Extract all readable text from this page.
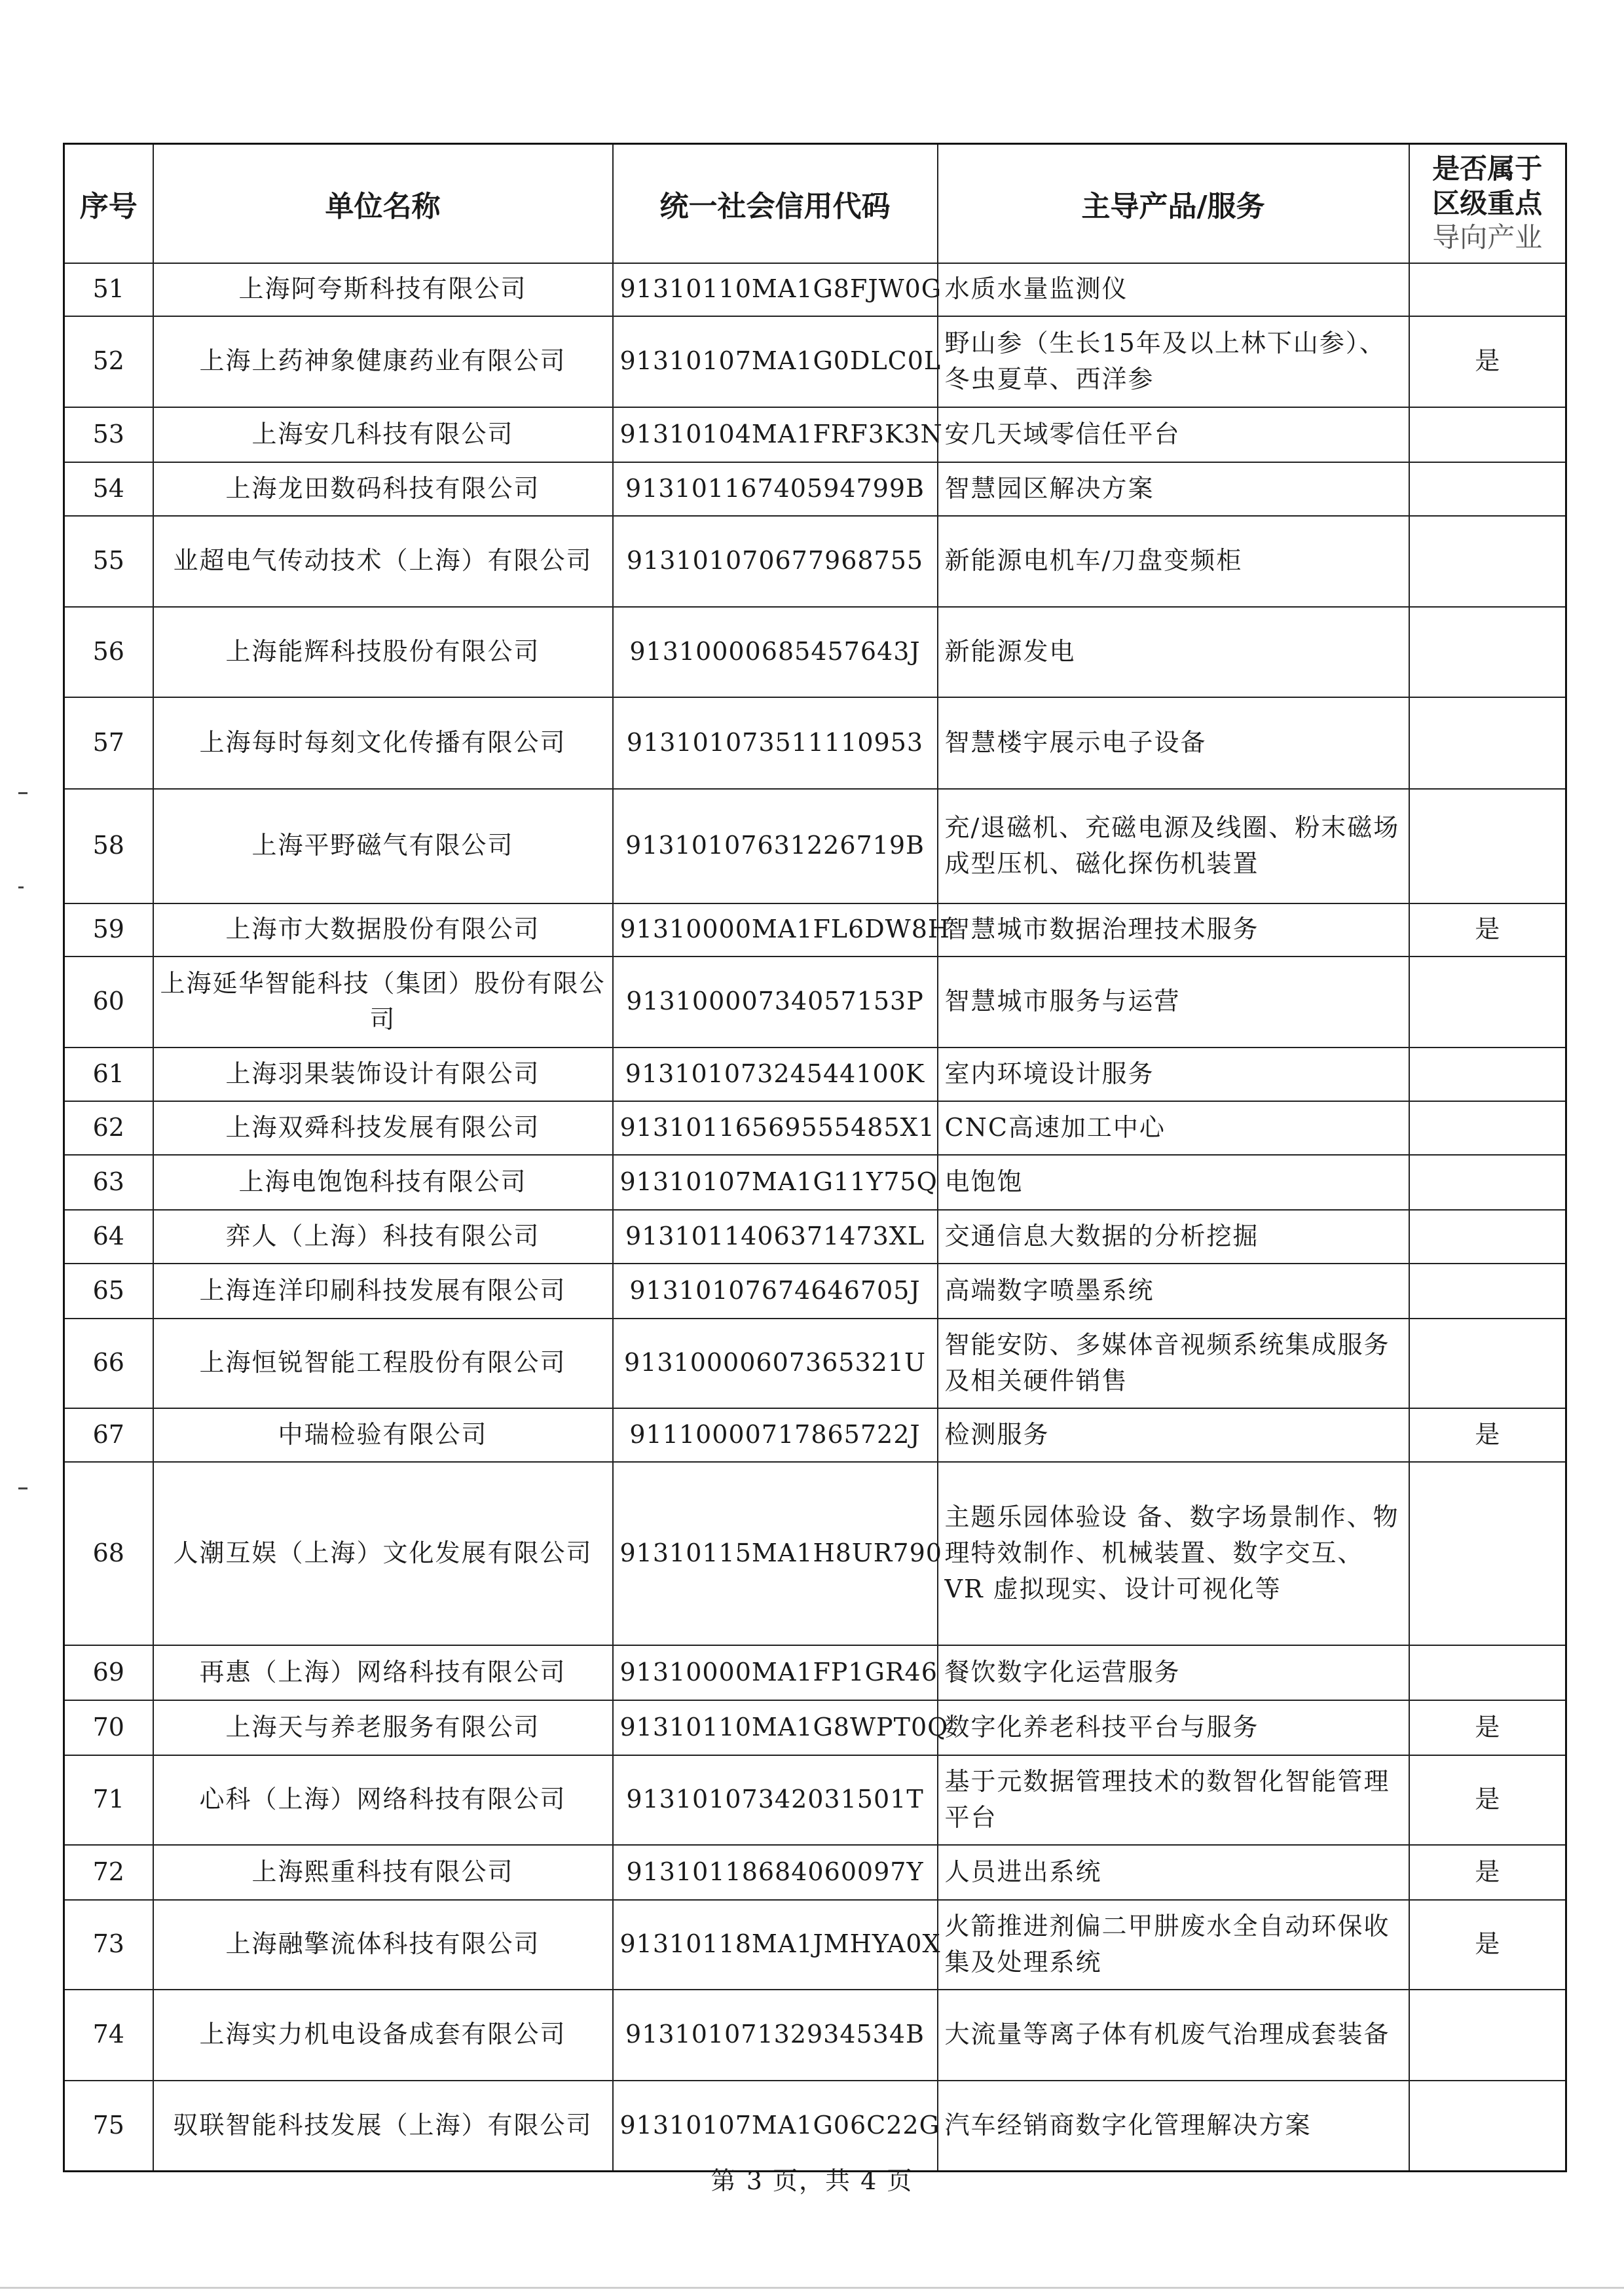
序号	单位名称	统一社会信用代码	主导产品/服务	是否属于
区级重点
导向产业

51	上海阿夸斯科技有限公司	91310110MA1G8FJW0G	水质水量监测仪	
52	上海上药神象健康药业有限公司	91310107MA1G0DLC0L	野山参（生长15年及以上林下山参）、冬虫夏草、西洋参	是
53	上海安几科技有限公司	91310104MA1FRF3K3N	安几天域零信任平台	
54	上海龙田数码科技有限公司	9131011674059479​9B	智慧园区解决方案	
55	业超电气传动技术（上海）有限公司	913101070677968755	新能源电机车/刀盘变频柜	
56	上海能辉科技股份有限公司	91310000685457643J	新能源发电	
57	上海每时每刻文化传播有限公司	913101073511110953	智慧楼宇展示电子设备	
58	上海平野磁气有限公司	91310107631226719B	充/退磁机、充磁电源及线圈、粉末磁场成型压机、磁化探伤机装置	
59	上海市大数据股份有限公司	91310000MA1FL6DW8H	智慧城市数据治理技术服务	是
60	上海延华智能科技（集团）股份有限公司	91310000734057153P	智慧城市服务与运营	
61	上海羽果装饰设计有限公司	91310107324544100K	室内环境设计服务	
62	上海双舜科技发展有限公司	91310116569555485X1	CNC高速加工中心	
63	上海电饱饱科技有限公司	91310107MA1G11Y75Q	电饱饱	
64	弈人（上海）科技有限公司	913101140637147​3XL	交通信息大数据的分析挖掘	
65	上海连洋印刷科技发展有限公司	91310107674646705J	高端数字喷墨系统	
66	上海恒锐智能工程股份有限公司	91310000607365321U	智能安防、多媒体音视频系统集成服务及相关硬件销售	
67	中瑞检验有限公司	91110000717865722J	检测服务	是
68	人潮互娱（上海）文化发展有限公司	91310115MA1H8UR790	主题乐园体验设 备、数字场景制作、物理特效制作、机械装置、数字交互、VR 虚拟现实、设计可视化等	
69	再惠（上海）网络科技有限公司	91310000MA1FP1GR46	餐饮数字化运营服务	
70	上海天与养老服务有限公司	91310110MA1G8WPT0Q	数字化养老科技平台与服务	是
71	心科（上海）网络科技有限公司	91310107342031501T	基于元数据管理技术的数智化智能管理平台	是
72	上海熙重科技有限公司	91310118684060097Y	人员进出系统	是
73	上海融擎流体科技有限公司	91310118MA1JMHYA0X	火箭推进剂偏二甲肼废水全自动环保收集及处理系统	是
74	上海实力机电设备成套有限公司	91310107132934534B	大流量等离子体有机废气治理成套装备	
75	驭联智能科技发展（上海）有限公司	91310107MA1G06C22G	汽车经销商数字化管理解决方案	
第 3 页，共 4 页
